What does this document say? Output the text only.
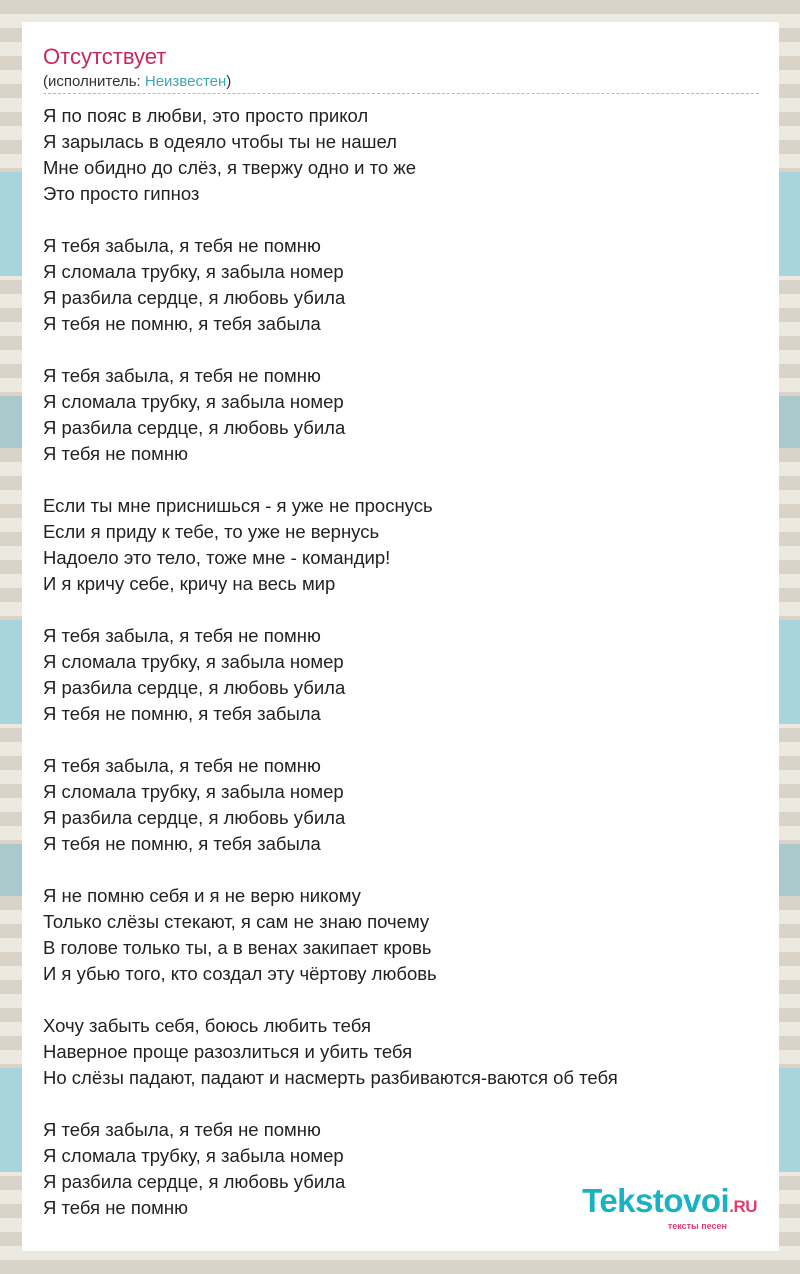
Отсутствует
(исполнитель: Неизвестен)
Я по пояс в любви, это просто прикол
Я зарылась в одеяло чтобы ты не нашел
Мне обидно до слёз, я твержу одно и то же
Это просто гипноз
Я тебя забыла, я тебя не помню
Я сломала трубку, я забыла номер
Я разбила сердце, я любовь убила
Я тебя не помню, я тебя забыла
Я тебя забыла, я тебя не помню
Я сломала трубку, я забыла номер
Я разбила сердце, я любовь убила
Я тебя не помню
Если ты мне приснишься - я уже не проснусь
Если я приду к тебе, то уже не вернусь
Надоело это тело, тоже мне - командир!
И я кричу себе, кричу на весь мир
Я тебя забыла, я тебя не помню
Я сломала трубку, я забыла номер
Я разбила сердце, я любовь убила
Я тебя не помню, я тебя забыла
Я тебя забыла, я тебя не помню
Я сломала трубку, я забыла номер
Я разбила сердце, я любовь убила
Я тебя не помню, я тебя забыла
Я не помню себя и я не верю никому
Только слёзы стекают, я сам не знаю почему
В голове только ты, а в венах закипает кровь
И я убью того, кто создал эту чёртову любовь
Хочу забыть себя, боюсь любить тебя
Наверное проще разозлиться и убить тебя
Но слёзы падают, падают и насмерть разбиваются-ваются об тебя
Я тебя забыла, я тебя не помню
Я сломала трубку, я забыла номер
Я разбила сердце, я любовь убила
Я тебя не помню	Tekstovoi.RU
тексты песен
